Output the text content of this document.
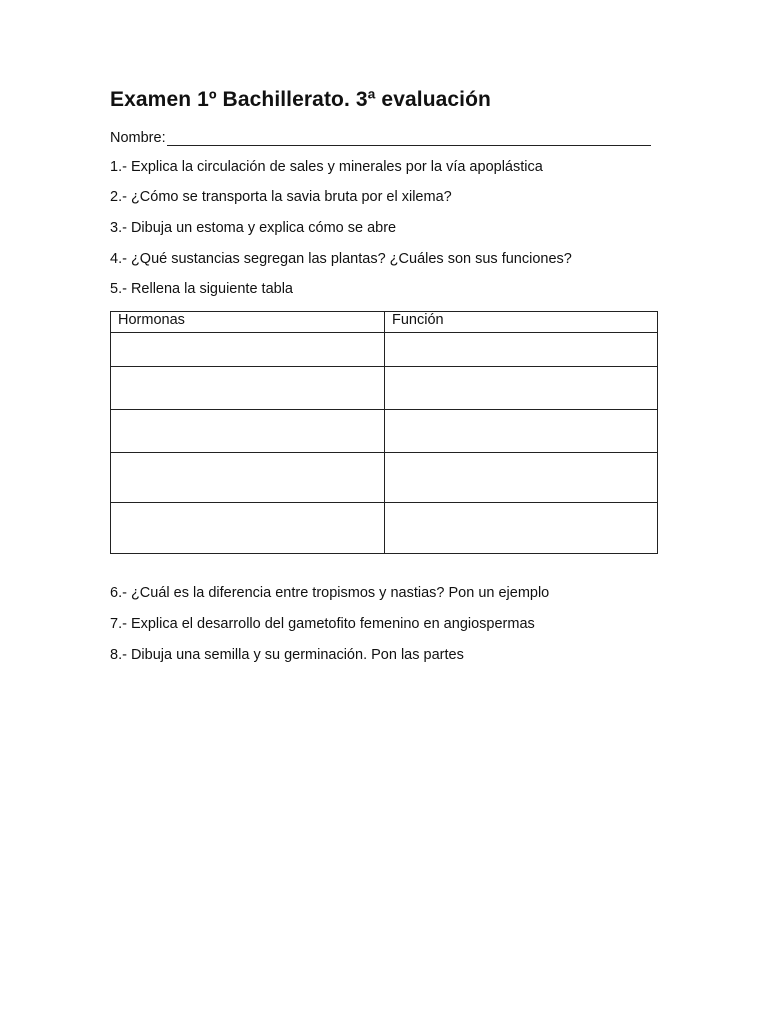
Examen 1º Bachillerato. 3ª evaluación
Nombre:
1.- Explica la circulación de sales y minerales por la vía apoplástica
2.- ¿Cómo se transporta la savia bruta por el xilema?
3.- Dibuja un estoma y explica cómo se abre
4.- ¿Qué sustancias segregan las plantas? ¿Cuáles son sus funciones?
5.- Rellena la siguiente tabla
Hormonas	Función

6.- ¿Cuál es la diferencia entre tropismos y nastias? Pon un ejemplo
7.- Explica el desarrollo del gametofito femenino en angiospermas
8.- Dibuja una semilla y su germinación. Pon las partes
